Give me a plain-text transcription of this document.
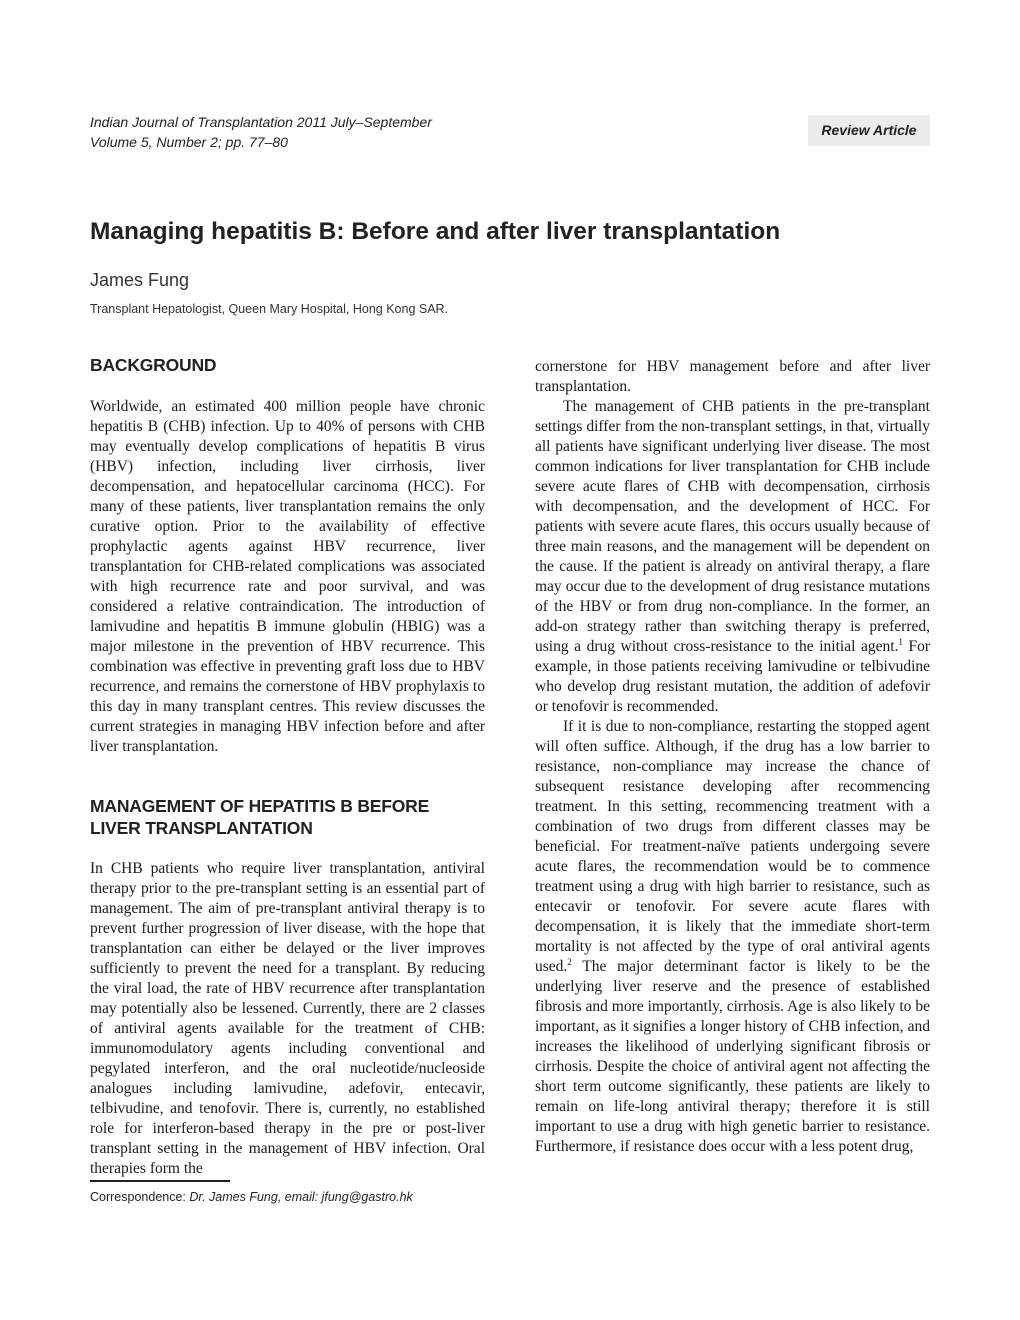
Indian Journal of Transplantation 2011 July–September
Volume 5, Number 2; pp. 77–80
Review Article
Managing hepatitis B: Before and after liver transplantation
James Fung
Transplant Hepatologist, Queen Mary Hospital, Hong Kong SAR.
BACKGROUND

Worldwide, an estimated 400 million people have chronic hepatitis B (CHB) infection. Up to 40% of persons with CHB may eventually develop complications of hepatitis B virus (HBV) infection, including liver cirrhosis, liver decompensation, and hepatocellular carcinoma (HCC). For many of these patients, liver transplantation remains the only curative option. Prior to the availability of effective prophylactic agents against HBV recurrence, liver transplantation for CHB-related complications was associated with high recurrence rate and poor survival, and was considered a relative contraindication. The introduction of lamivudine and hepatitis B immune globulin (HBIG) was a major milestone in the prevention of HBV recurrence. This combination was effective in preventing graft loss due to HBV recurrence, and remains the cornerstone of HBV prophylaxis to this day in many transplant centres. This review discusses the current strategies in managing HBV infection before and after liver transplantation.

MANAGEMENT OF HEPATITIS B BEFORE
LIVER TRANSPLANTATION

In CHB patients who require liver transplantation, antiviral therapy prior to the pre-transplant setting is an essential part of management. The aim of pre-transplant antiviral therapy is to prevent further progression of liver disease, with the hope that transplantation can either be delayed or the liver improves sufficiently to prevent the need for a transplant. By reducing the viral load, the rate of HBV recurrence after transplantation may potentially also be lessened. Currently, there are 2 classes of antiviral agents available for the treatment of CHB: immunomodulatory agents including conventional and pegylated interferon, and the oral nucleotide/nucleoside analogues including lamivudine, adefovir, entecavir, telbivudine, and tenofovir. There is, currently, no established role for interferon-based therapy in the pre or post-liver transplant setting in the management of HBV infection. Oral therapies form the

cornerstone for HBV management before and after liver transplantation.

The management of CHB patients in the pre-transplant settings differ from the non-transplant settings, in that, virtually all patients have significant underlying liver disease. The most common indications for liver transplantation for CHB include severe acute flares of CHB with decompensation, cirrhosis with decompensation, and the development of HCC. For patients with severe acute flares, this occurs usually because of three main reasons, and the management will be dependent on the cause. If the patient is already on antiviral therapy, a flare may occur due to the development of drug resistance mutations of the HBV or from drug non-compliance. In the former, an add-on strategy rather than switching therapy is preferred, using a drug without cross-resistance to the initial agent.$^1$ For example, in those patients receiving lamivudine or telbivudine who develop drug resistant mutation, the addition of adefovir or tenofovir is recommended.

If it is due to non-compliance, restarting the stopped agent will often suffice. Although, if the drug has a low barrier to resistance, non-compliance may increase the chance of subsequent resistance developing after recommencing treatment. In this setting, recommencing treatment with a combination of two drugs from different classes may be beneficial. For treatment-naïve patients undergoing severe acute flares, the recommendation would be to commence treatment using a drug with high barrier to resistance, such as entecavir or tenofovir. For severe acute flares with decompensation, it is likely that the immediate short-term mortality is not affected by the type of oral antiviral agents used.$^2$ The major determinant factor is likely to be the underlying liver reserve and the presence of established fibrosis and more importantly, cirrhosis. Age is also likely to be important, as it signifies a longer history of CHB infection, and increases the likelihood of underlying significant fibrosis or cirrhosis. Despite the choice of antiviral agent not affecting the short term outcome significantly, these patients are likely to remain on life-long antiviral therapy; therefore it is still important to use a drug with high genetic barrier to resistance. Furthermore, if resistance does occur with a less potent drug,

Correspondence: Dr. James Fung, email: jfung@gastro.hk
